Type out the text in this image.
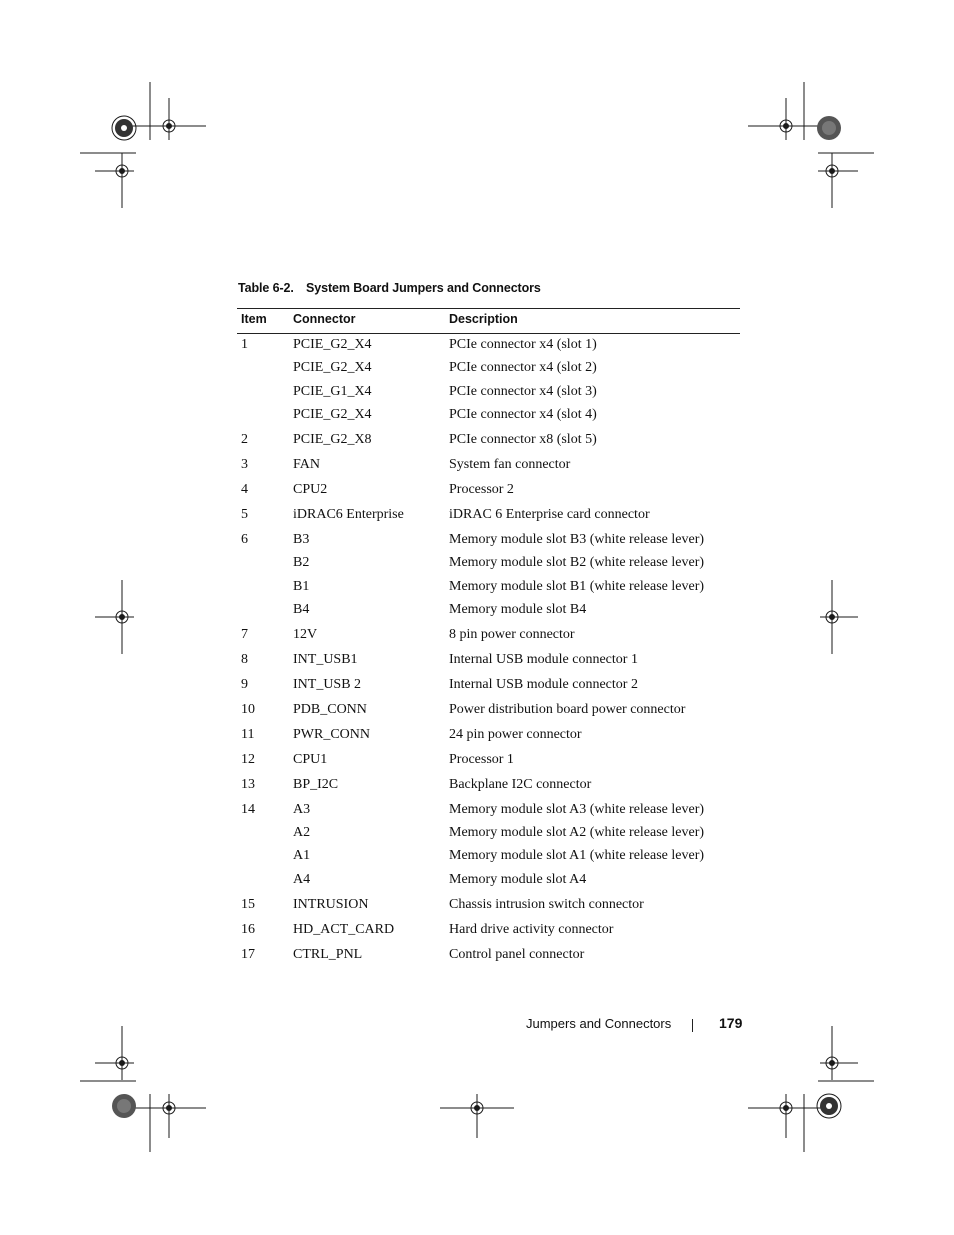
Table 6-2. System Board Jumpers and Connectors
Item Connector	Description
1	PCIE_G2_X4	PCIe connector x4 (slot 1)
PCIE_G2_X4	PCIe connector x4 (slot 2)
PCIE_G1_X4	PCIe connector x4 (slot 3)
PCIE_G2_X4	PCIe connector x4 (slot 4)
2	PCIE_G2_X8	PCIe connector x8 (slot 5)
3	FAN	System fan connector
4	CPU2	Processor 2
5	iDRAC6 Enterprise	iDRAC 6 Enterprise card connector
6	B3	Memory module slot B3 (white release lever)
B2	Memory module slot B2 (white release lever)
B1	Memory module slot B1 (white release lever)
B4	Memory module slot B4
7	12V	8 pin power connector
8	INT_USB1	Internal USB module connector 1
9	INT_USB 2	Internal USB module connector 2
10	PDB_CONN	Power distribution board power connector
11	PWR_CONN	24 pin power connector
12	CPU1	Processor 1
13	BP_I2C	Backplane I2C connector
14	A3	Memory module slot A3 (white release lever)
A2	Memory module slot A2 (white release lever)
A1	Memory module slot A1 (white release lever)
A4	Memory module slot A4
15	INTRUSION	Chassis intrusion switch connector
16	HD_ACT_CARD	Hard drive activity connector
17	CTRL_PNL	Control panel connector
Jumpers and Connectors	179
